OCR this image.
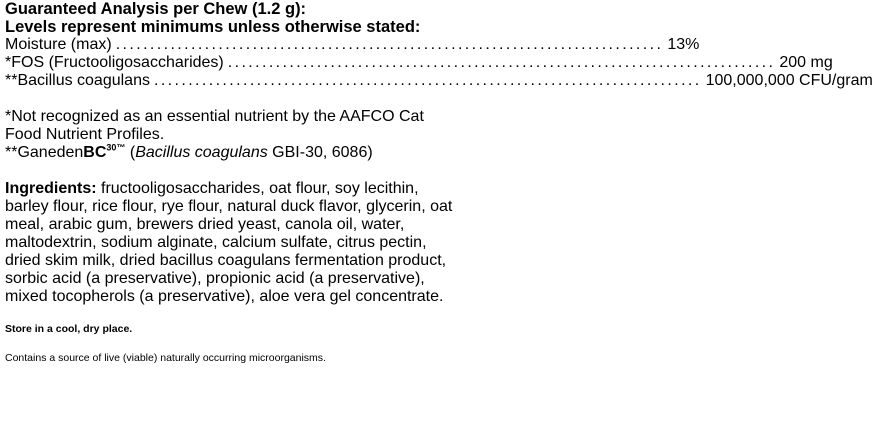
Guaranteed Analysis per Chew (1.2 g):
Levels represent minimums unless otherwise stated:
Moisture (max) ................................................................................ 13%
*FOS (Fructooligosaccharides) ................................................................................ 200 mg
**Bacillus coagulans ................................................................................ 100,000,000 CFU/gram
*Not recognized as an essential nutrient by the AAFCO Cat Food Nutrient Profiles.
**GanedenBC$^{30™}$ (Bacillus coagulans GBI-30, 6086)
Ingredients: fructooligosaccharides, oat flour, soy lecithin, barley flour, rice flour, rye flour, natural duck flavor, glycerin, oat meal, arabic gum, brewers dried yeast, canola oil, water, maltodextrin, sodium alginate, calcium sulfate, citrus pectin, dried skim milk, dried bacillus coagulans fermentation product, sorbic acid (a preservative), propionic acid (a preservative), mixed tocopherols (a preservative), aloe vera gel concentrate.
Store in a cool, dry place.
Contains a source of live (viable) naturally occurring microorganisms.
